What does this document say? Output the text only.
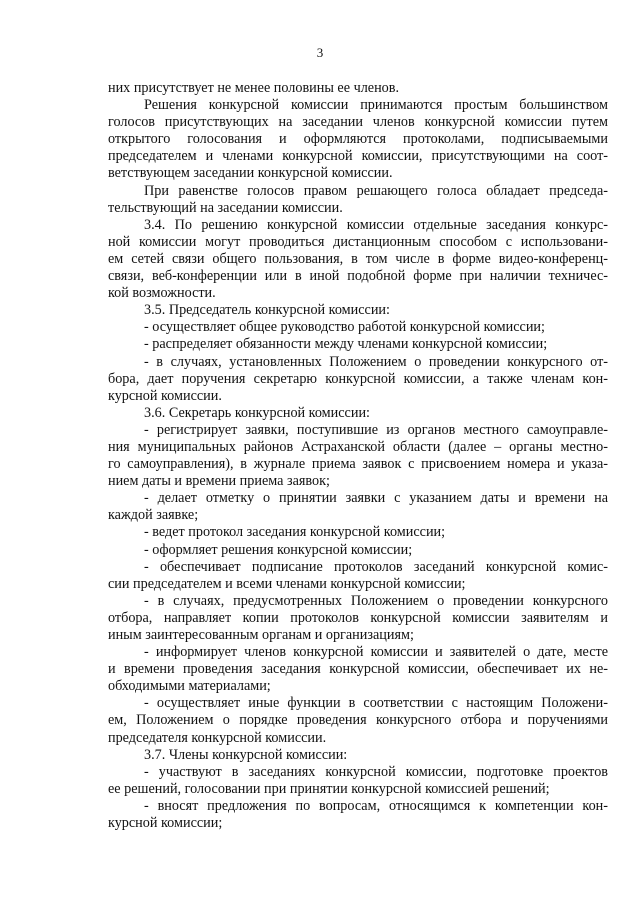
3
них присутствует не менее половины ее членов.
Решения конкурсной комиссии принимаются простым большинством
голосов присутствующих на заседании членов конкурсной комиссии путем
открытого голосования и оформляются протоколами, подписываемыми
председателем и членами конкурсной комиссии, присутствующими на соот-
ветствующем заседании конкурсной комиссии.
При равенстве голосов правом решающего голоса обладает председа-
тельствующий на заседании комиссии.
3.4. По решению конкурсной комиссии отдельные заседания конкурс-
ной комиссии могут проводиться дистанционным способом с использовани-
ем сетей связи общего пользования, в том числе в форме видео-конференц-
связи, веб-конференции или в иной подобной форме при наличии техничес-
кой возможности.
3.5. Председатель конкурсной комиссии:
- осуществляет общее руководство работой конкурсной комиссии;
- распределяет обязанности между членами конкурсной комиссии;
- в случаях, установленных Положением о проведении конкурсного от-
бора, дает поручения секретарю конкурсной комиссии, а также членам кон-
курсной комиссии.
3.6. Секретарь конкурсной комиссии:
- регистрирует заявки, поступившие из органов местного самоуправле-
ния муниципальных районов Астраханской области (далее – органы местно-
го самоуправления), в журнале приема заявок с присвоением номера и указа-
нием даты и времени приема заявок;
- делает отметку о принятии заявки с указанием даты и времени на
каждой заявке;
- ведет протокол заседания конкурсной комиссии;
- оформляет решения конкурсной комиссии;
- обеспечивает подписание протоколов заседаний конкурсной комис-
сии председателем и всеми членами конкурсной комиссии;
- в случаях, предусмотренных Положением о проведении конкурсного
отбора, направляет копии протоколов конкурсной комиссии заявителям и
иным заинтересованным органам и организациям;
- информирует членов конкурсной комиссии и заявителей о дате, месте
и времени проведения заседания конкурсной комиссии, обеспечивает их не-
обходимыми материалами;
- осуществляет иные функции в соответствии с настоящим Положени-
ем, Положением о порядке проведения конкурсного отбора и поручениями
председателя конкурсной комиссии.
3.7. Члены конкурсной комиссии:
- участвуют в заседаниях конкурсной комиссии, подготовке проектов
ее решений, голосовании при принятии конкурсной комиссией решений;
- вносят предложения по вопросам, относящимся к компетенции кон-
курсной комиссии;
